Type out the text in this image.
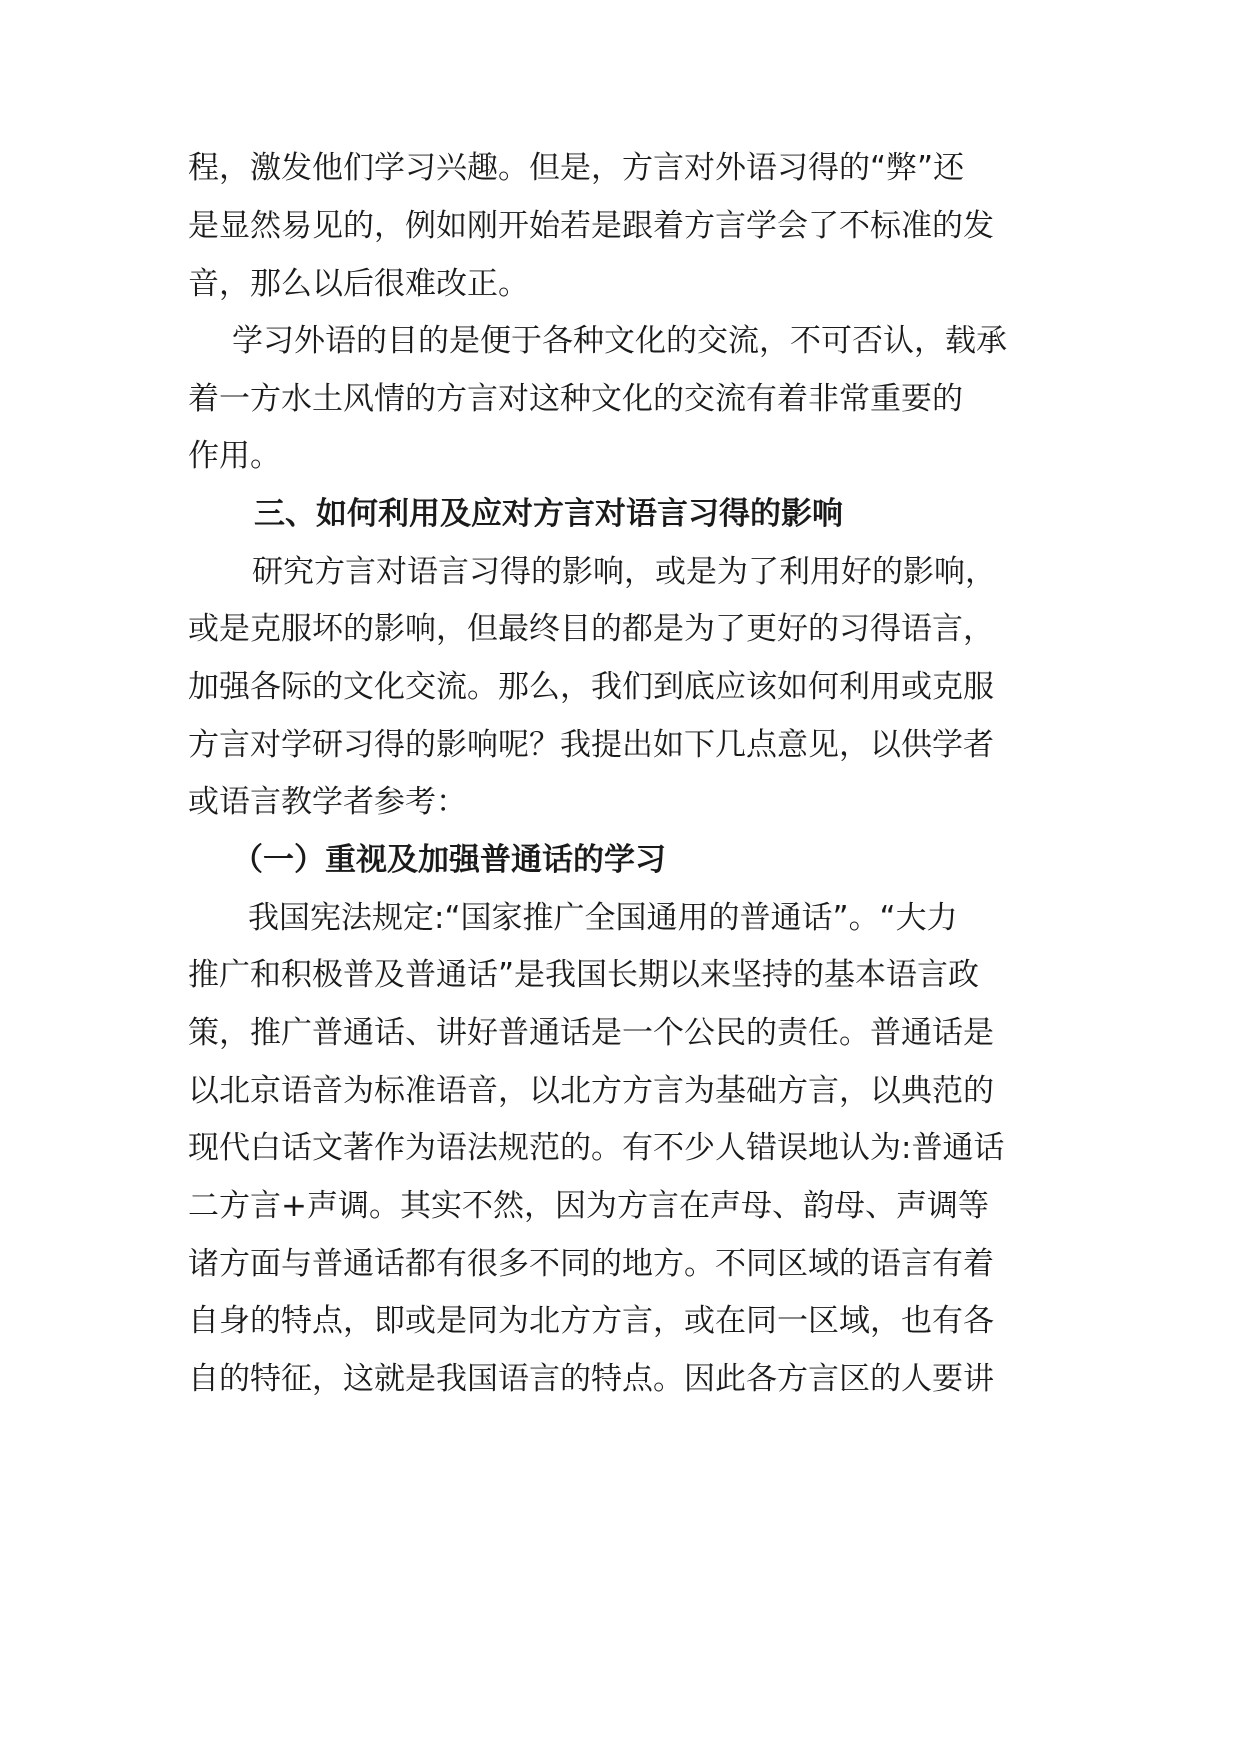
程，激发他们学习兴趣。但是，方言对外语习得的“弊”还
是显然易见的，例如刚开始若是跟着方言学会了不标准的发
音，那么以后很难改正。
学习外语的目的是便于各种文化的交流，不可否认，载承
着一方水土风情的方言对这种文化的交流有着非常重要的
作用。
三、如何利用及应对方言对语言习得的影响
研究方言对语言习得的影响，或是为了利用好的影响，
或是克服坏的影响，但最终目的都是为了更好的习得语言，
加强各际的文化交流。那么，我们到底应该如何利用或克服
方言对学研习得的影响呢？我提出如下几点意见，以供学者
或语言教学者参考：
（一）重视及加强普通话的学习
我国宪法规定:“国家推广全国通用的普通话”。“大力
推广和积极普及普通话”是我国长期以来坚持的基本语言政
策，推广普通话、讲好普通话是一个公民的责任。普通话是
以北京语音为标准语音，以北方方言为基础方言，以典范的
现代白话文著作为语法规范的。有不少人错误地认为:普通话
二方言+声调。其实不然，因为方言在声母、韵母、声调等
诸方面与普通话都有很多不同的地方。不同区域的语言有着
自身的特点，即或是同为北方方言，或在同一区域，也有各
自的特征，这就是我国语言的特点。因此各方言区的人要讲
